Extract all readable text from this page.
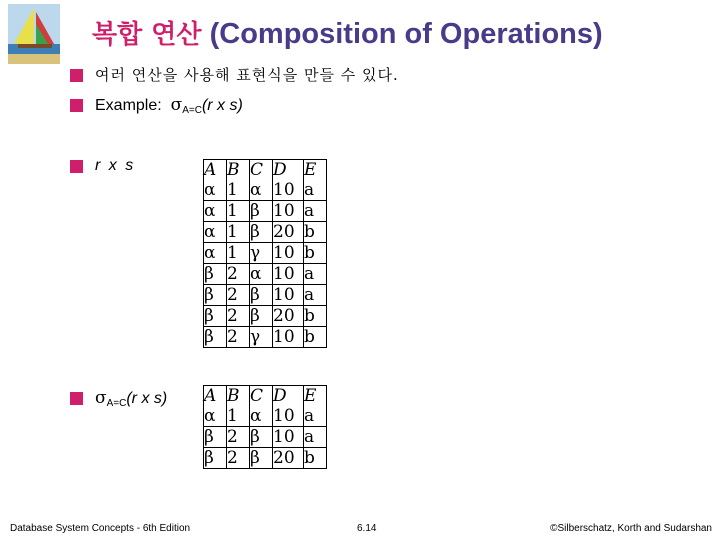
복합 연산 (Composition of Operations)
여러 연산을 사용해 표현식을 만들 수 있다.
Example: $\sigma_{A=C}(r$ x s)
r x s	A	B	C	D	E
α	1	α	10	a
α	1	β	10	a
α	1	β	20	b
α	1	γ	10	b
β	2	α	10	a
β	2	β	10	a
β	2	β	20	b
β	2	γ	10	b
$\sigma_{A=C}(r$ x s) A	B	C	D	E
α	1	α	10	a
β	2	β	10	a
β	2	β	20	b
Database System Concepts - 6th Edition	6.14	©Silberschatz, Korth and Sudarshan
